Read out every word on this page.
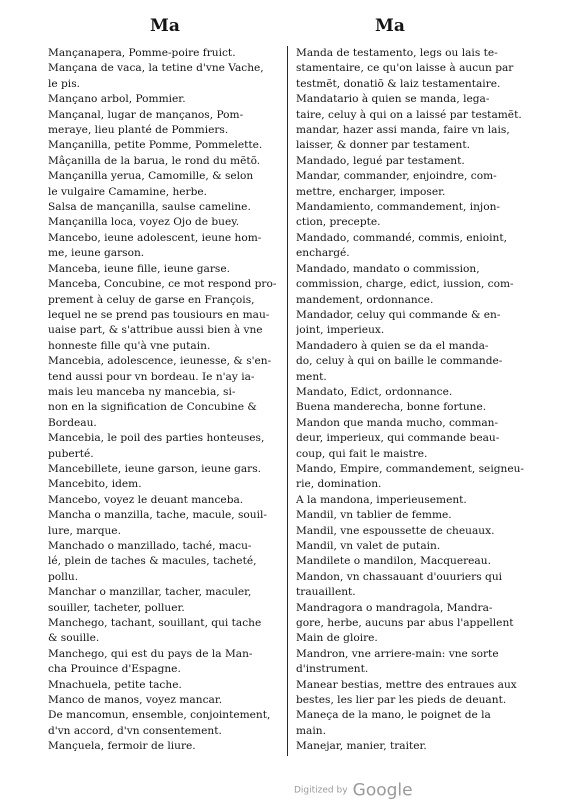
Ma	Ma
Mançanapera, Pomme-poire fruict.
Mançana de vaca, la tetine d'vne Vache,
le pis.
Mançano arbol, Pommier.
Mançanal, lugar de mançanos, Pom-
meraye, lieu planté de Pommiers.
Mançanilla, petite Pomme, Pommelette.
Mâçanilla de la barua, le rond du mẽtõ.
Mançanilla yerua, Camomille, & selon
le vulgaire Camamine, herbe.
Salsa de mançanilla, saulse cameline.
Mançanilla loca, voyez Ojo de buey.
Mancebo, ieune adolescent, ieune hom-
me, ieune garson.
Manceba, ieune fille, ieune garse.
Manceba, Concubine, ce mot respond pro-
prement à celuy de garse en François,
lequel ne se prend pas tousiours en mau-
uaise part, & s'attribue aussi bien à vne
honneste fille qu'à vne putain.
Mancebia, adolescence, ieunesse, & s'en-
tend aussi pour vn bordeau. Ie n'ay ia-
mais leu manceba ny mancebia, si-
non en la signification de Concubine &
Bordeau.
Mancebia, le poil des parties honteuses,
puberté.
Mancebillete, ieune garson, ieune gars.
Mancebito, idem.
Mancebo, voyez le deuant manceba.
Mancha o manzilla, tache, macule, souil-
lure, marque.
Manchado o manzillado, taché, macu-
lé, plein de taches & macules, tacheté,
pollu.
Manchar o manzillar, tacher, maculer,
souiller, tacheter, polluer.
Manchego, tachant, souillant, qui tache
& souille.
Manchego, qui est du pays de la Man-
cha Prouince d'Espagne.
Mnachuela, petite tache.
Manco de manos, voyez mancar.
De mancomun, ensemble, conjointement,
d'vn accord, d'vn consentement.
Mançuela, fermoir de liure.
Manda de testamento, legs ou lais te-
stamentaire, ce qu'on laisse à aucun par
testmẽt, donatiõ & laiz testamentaire.
Mandatario à quien se manda, lega-
taire, celuy à qui on a laissé par testamẽt.
mandar, hazer assi manda, faire vn lais,
laisser, & donner par testament.
Mandado, legué par testament.
Mandar, commander, enjoindre, com-
mettre, encharger, imposer.
Mandamiento, commandement, injon-
ction, precepte.
Mandado, commandé, commis, enioint,
enchargé.
Mandado, mandato o commission,
commission, charge, edict, iussion, com-
mandement, ordonnance.
Mandador, celuy qui commande & en-
joint, imperieux.
Mandadero à quien se da el manda-
do, celuy à qui on baille le commande-
ment.
Mandato, Edict, ordonnance.
Buena manderecha, bonne fortune.
Mandon que manda mucho, comman-
deur, imperieux, qui commande beau-
coup, qui fait le maistre.
Mando, Empire, commandement, seigneu-
rie, domination.
A la mandona, imperieusement.
Mandil, vn tablier de femme.
Mandil, vne espoussette de cheuaux.
Mandil, vn valet de putain.
Mandilete o mandilon, Macquereau.
Mandon, vn chassauant d'ouuriers qui
trauaillent.
Mandragora o mandragola, Mandra-
gore, herbe, aucuns par abus l'appellent
Main de gloire.
Mandron, vne arriere-main: vne sorte
d'instrument.
Manear bestias, mettre des entraues aux
bestes, les lier par les pieds de deuant.
Maneça de la mano, le poignet de la
main.
Manejar, manier, traiter.
Digitized by Google
